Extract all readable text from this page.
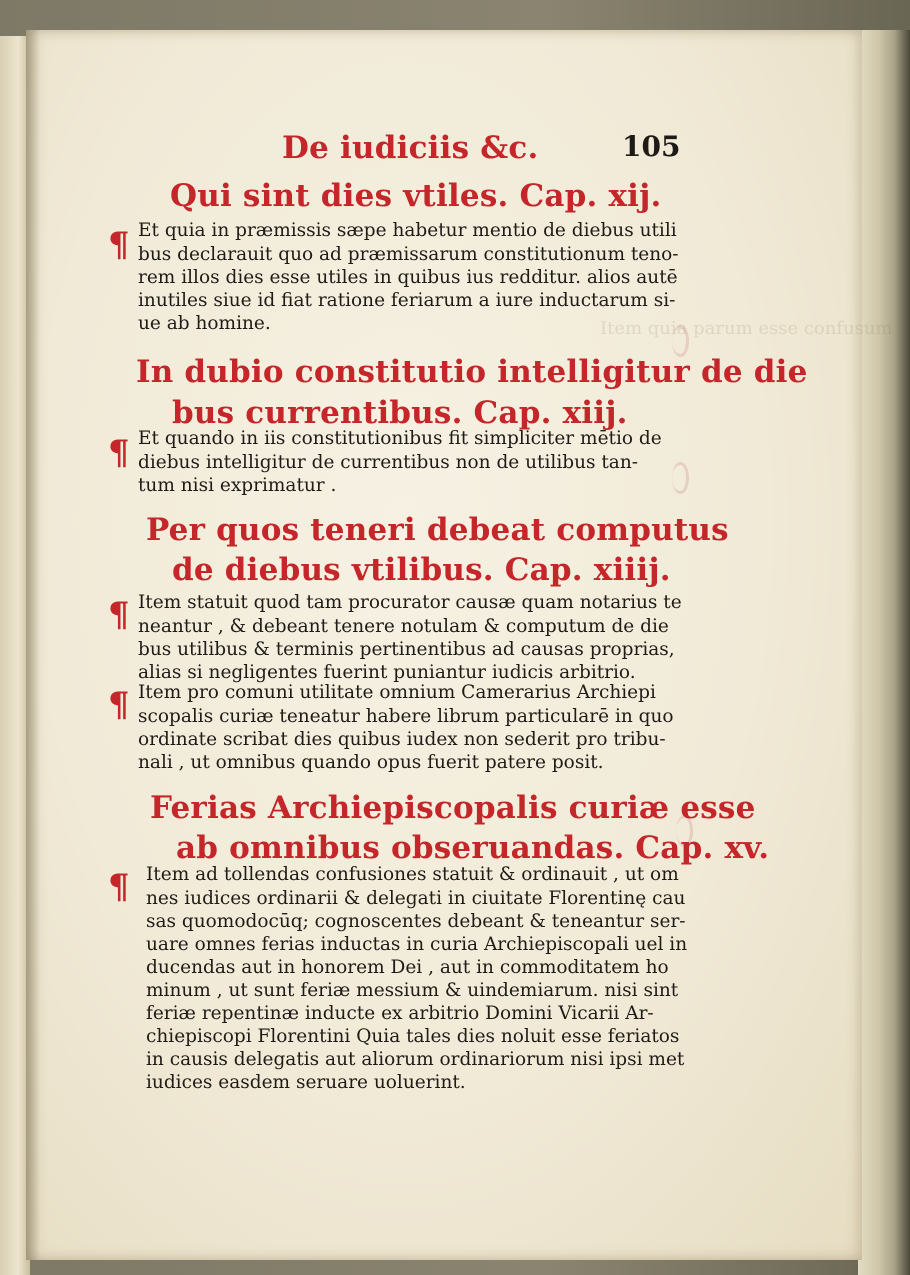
Item quia parum esse confusum
De iudiciis &c.	105
Qui sint dies vtiles. Cap. xij.
¶ Et quia in præmissis sæpe habetur mentio de diebus utili
bus declarauit quo ad præmissarum constitutionum teno-
rem illos dies esse utiles in quibus ius redditur. alios autē
inutiles siue id fiat ratione feriarum a iure inductarum si-
ue ab homine.
In dubio constitutio intelligitur de die
bus currentibus. Cap. xiij.
¶ Et quando in iis constitutionibus fit simpliciter mētio de
diebus intelligitur de currentibus non de utilibus tan-
tum nisi exprimatur .
Per quos teneri debeat computus
de diebus vtilibus. Cap. xiiij.
¶ Item statuit quod tam procurator causæ quam notarius te
neantur , & debeant tenere notulam & computum de die
bus utilibus & terminis pertinentibus ad causas proprias,
alias si negligentes fuerint puniantur iudicis arbitrio.
¶ Item pro comuni utilitate omnium Camerarius Archiepi
scopalis curiæ teneatur habere librum particularē in quo
ordinate scribat dies quibus iudex non sederit pro tribu-
nali , ut omnibus quando opus fuerit patere posit.
Ferias Archiepiscopalis curiæ esse
ab omnibus obseruandas. Cap. xv.
¶ Item ad tollendas confusiones statuit & ordinauit , ut om
nes iudices ordinarii & delegati in ciuitate Florentinę cau
sas quomodocūq; cognoscentes debeant & teneantur ser-
uare omnes ferias inductas in curia Archiepiscopali uel in
ducendas aut in honorem Dei , aut in commoditatem ho
minum , ut sunt feriæ messium & uindemiarum. nisi sint
feriæ repentinæ inducte ex arbitrio Domini Vicarii Ar-
chiepiscopi Florentini Quia tales dies noluit esse feriatos
in causis delegatis aut aliorum ordinariorum nisi ipsi met
iudices easdem seruare uoluerint.
